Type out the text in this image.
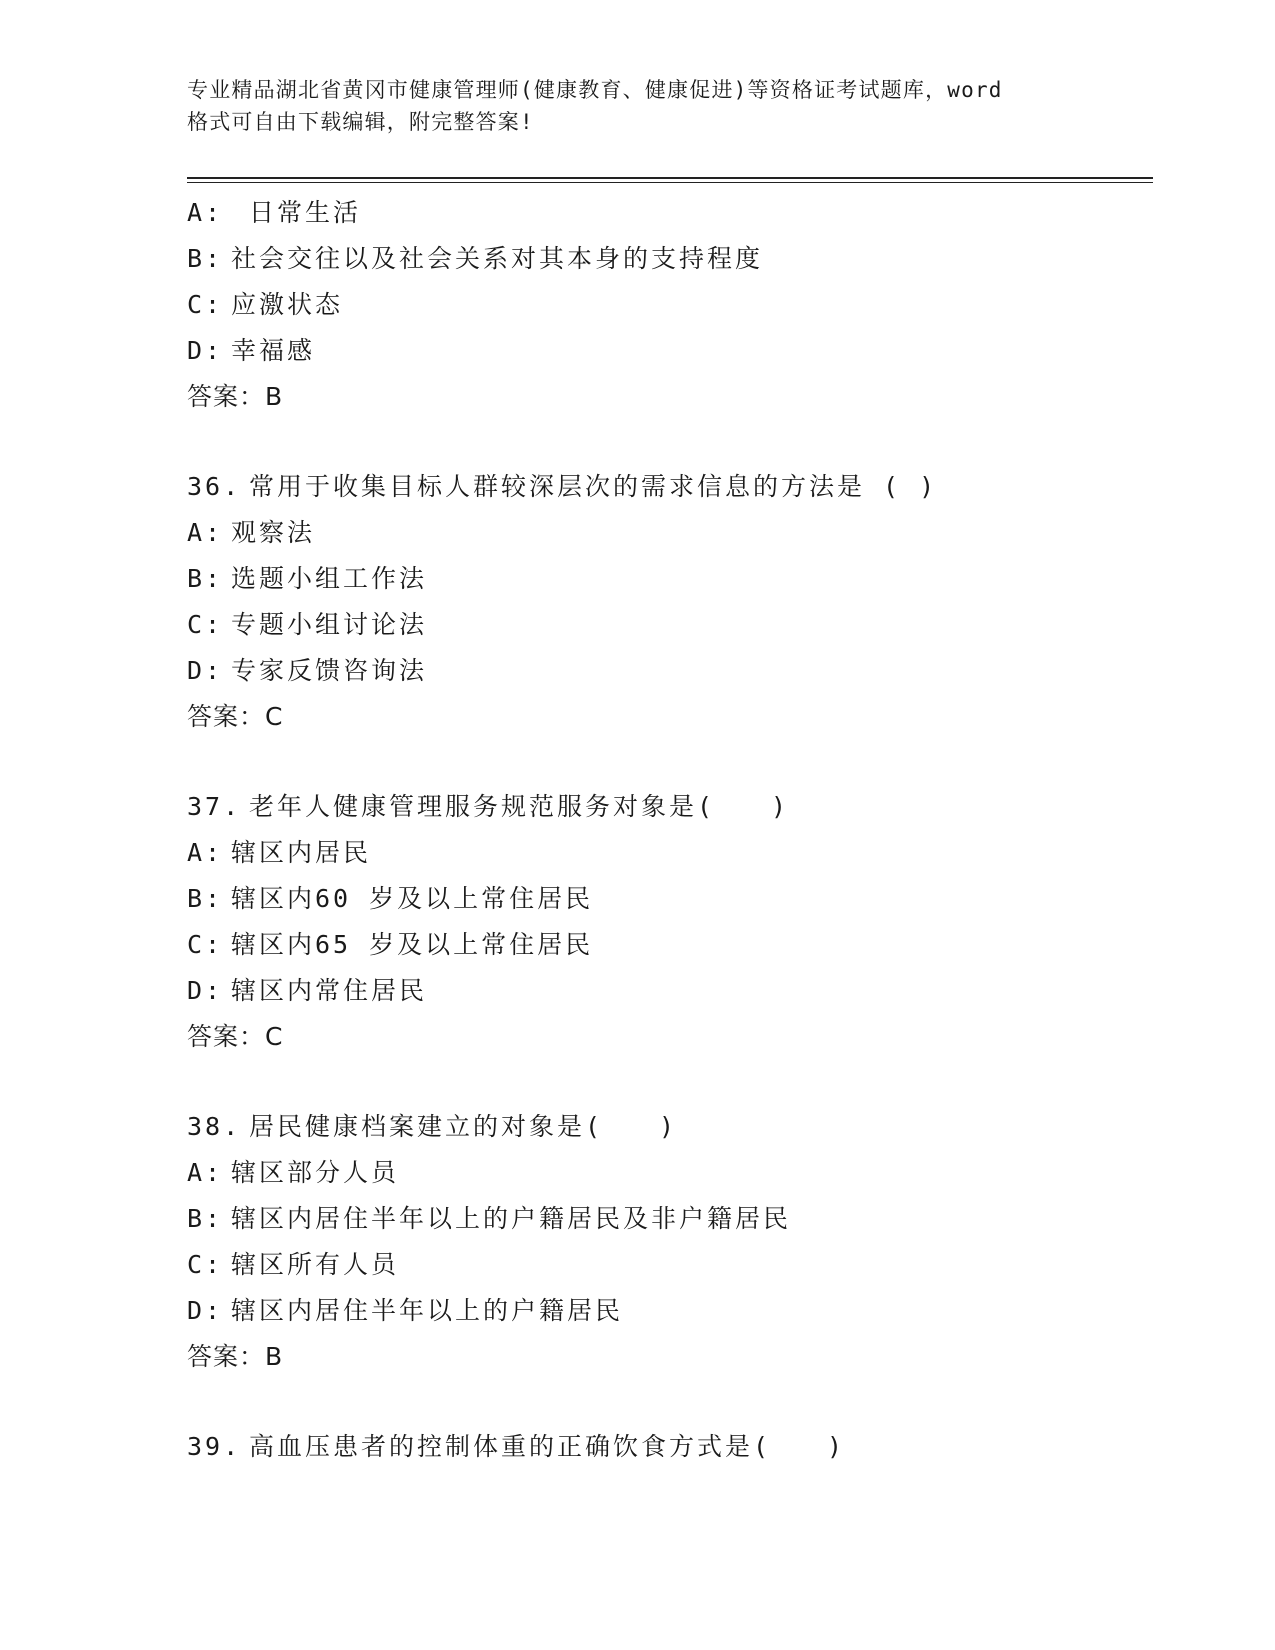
专业精品湖北省黄冈市健康管理师(健康教育、健康促进)等资格证考试题库，word
格式可自由下载编辑，附完整答案!
A: 日常生活
B: 社会交往以及社会关系对其本身的支持程度
C: 应激状态
D: 幸福感
答案：B
36. 常用于收集目标人群较深层次的需求信息的方法是 ( )
A: 观察法
B: 选题小组工作法
C: 专题小组讨论法
D: 专家反馈咨询法
答案：C
37. 老年人健康管理服务规范服务对象是(　　)
A: 辖区内居民
B: 辖区内60 岁及以上常住居民
C: 辖区内65 岁及以上常住居民
D: 辖区内常住居民
答案：C
38. 居民健康档案建立的对象是(　　)
A: 辖区部分人员
B: 辖区内居住半年以上的户籍居民及非户籍居民
C: 辖区所有人员
D: 辖区内居住半年以上的户籍居民
答案：B
39. 高血压患者的控制体重的正确饮食方式是(　　)
